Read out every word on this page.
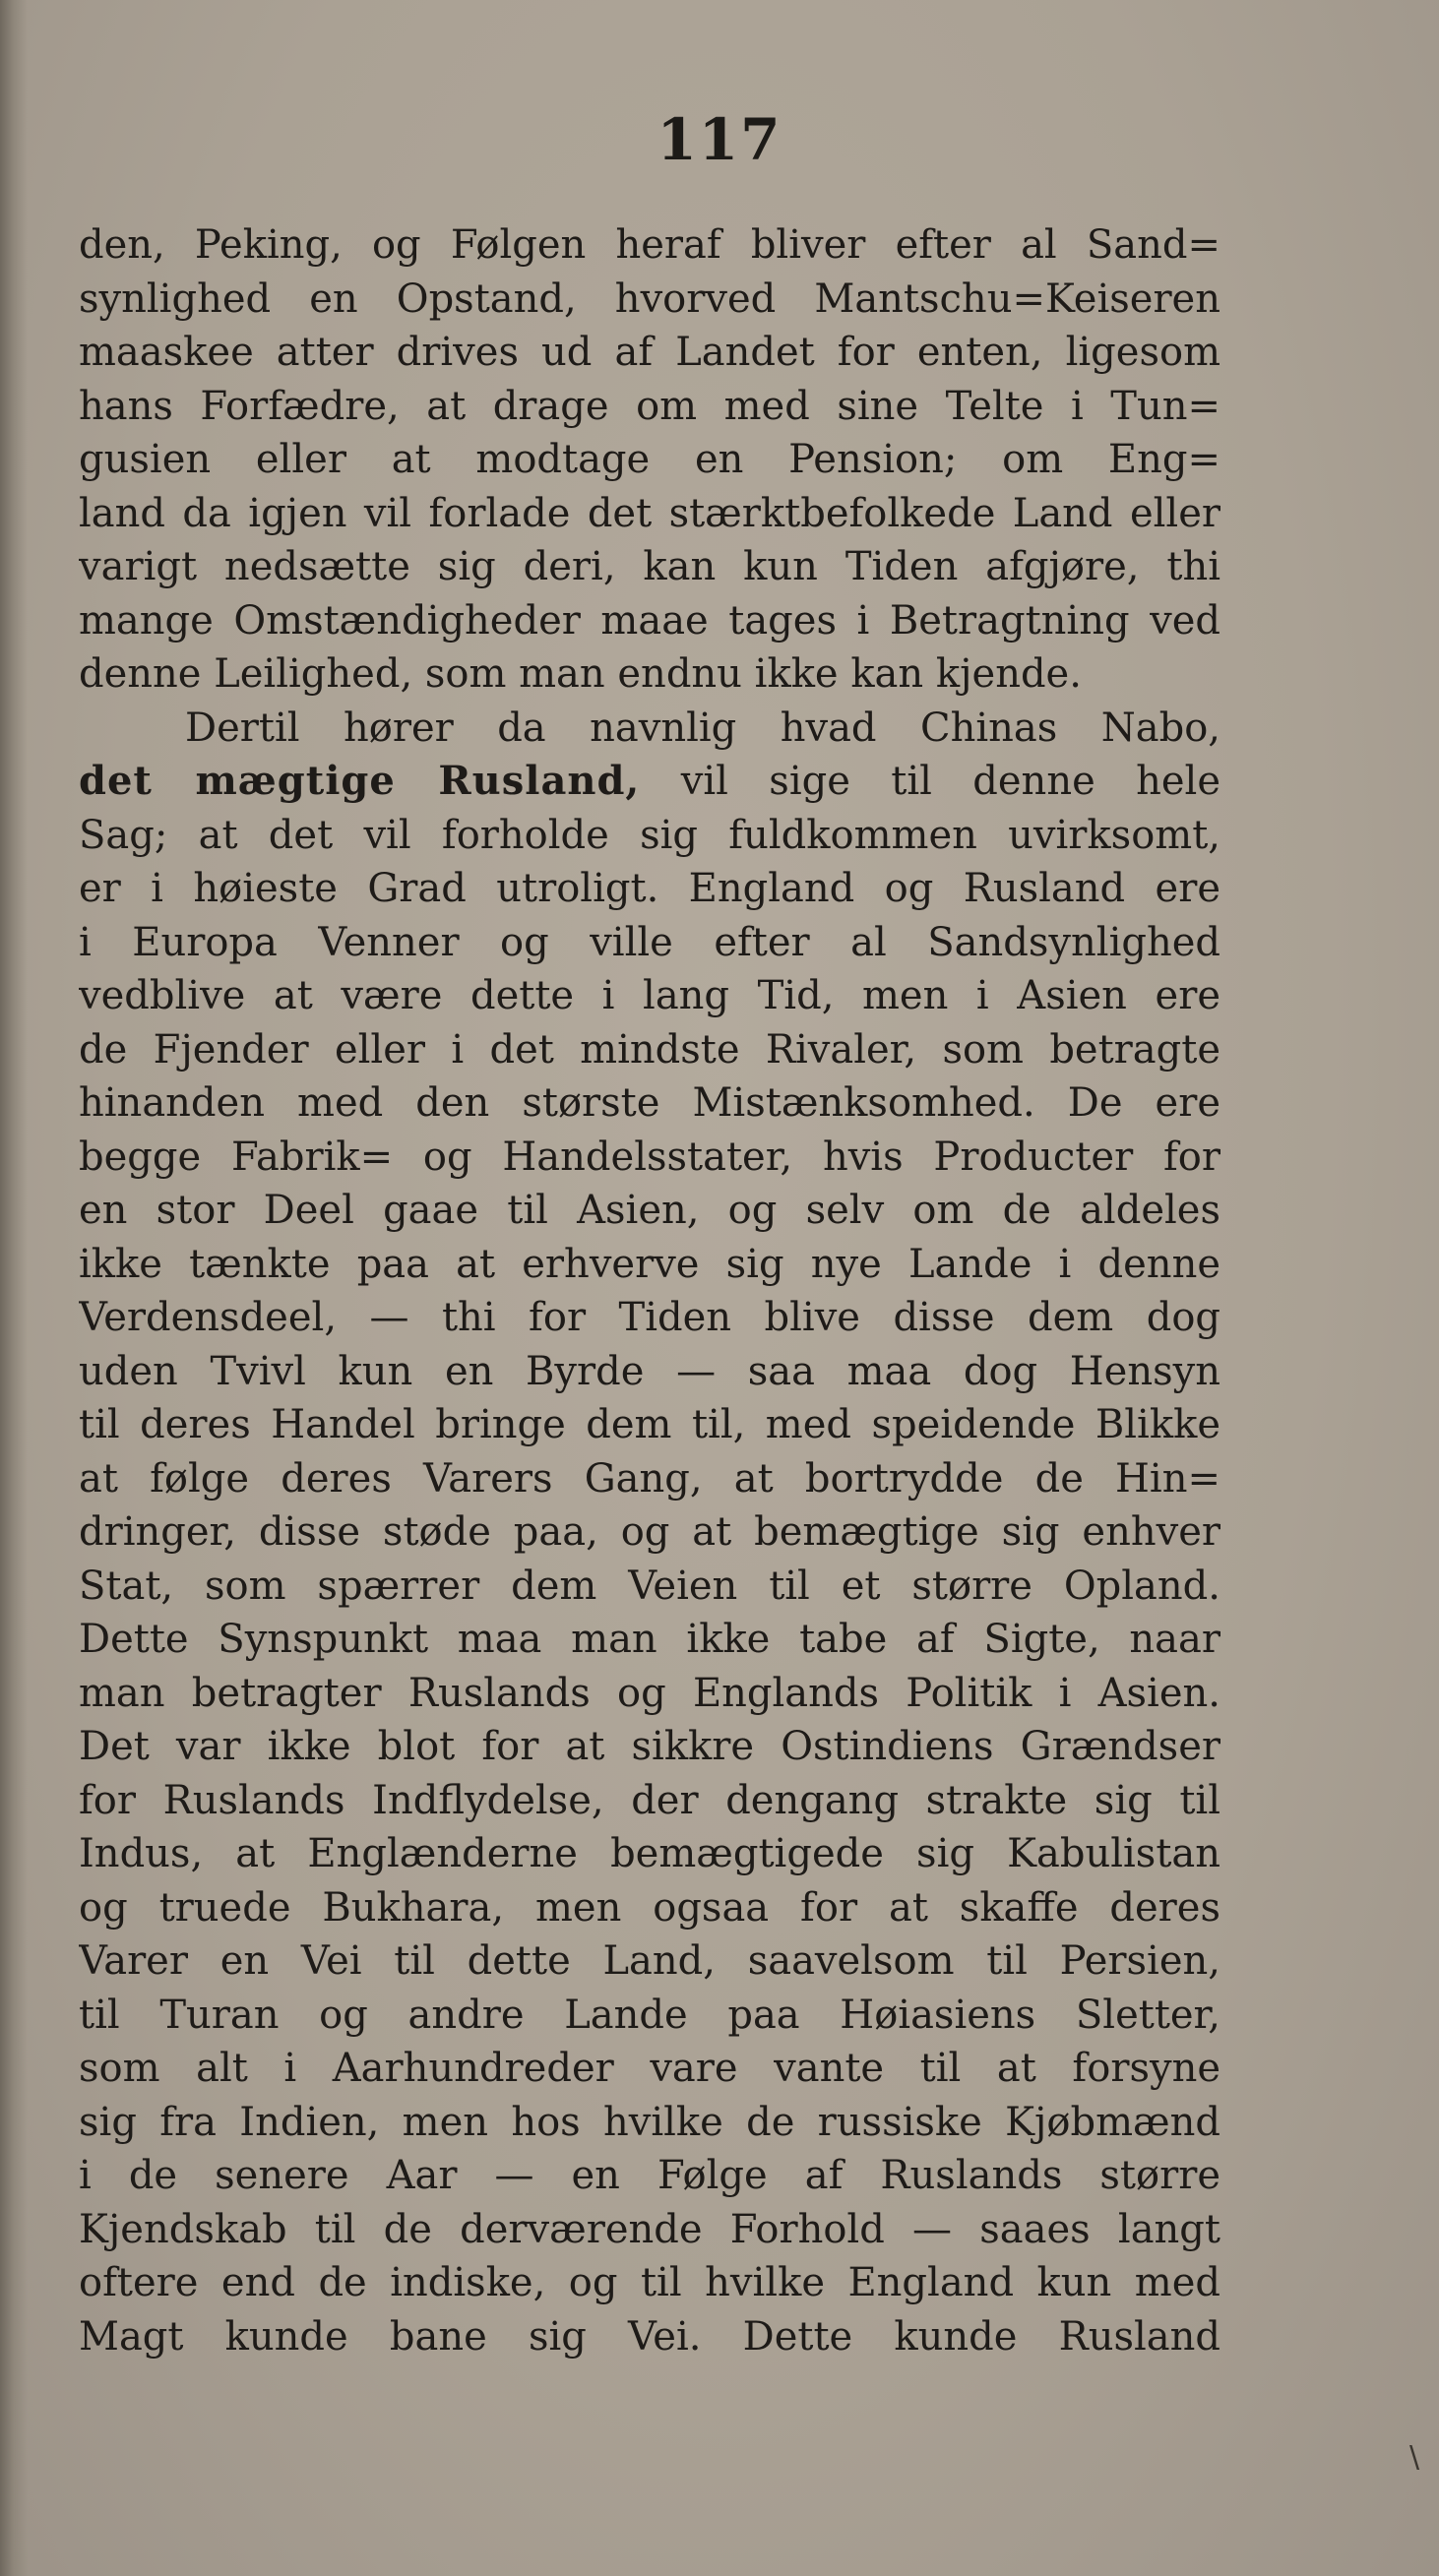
117
den, Peking, og Følgen heraf bliver efter al Sand=
synlighed en Opstand, hvorved Mantschu=Keiseren
maaskee atter drives ud af Landet for enten, ligesom
hans Forfædre, at drage om med sine Telte i Tun=
gusien eller at modtage en Pension; om Eng=
land da igjen vil forlade det stærktbefolkede Land eller
varigt nedsætte sig deri, kan kun Tiden afgjøre, thi
mange Omstændigheder maae tages i Betragtning ved
denne Leilighed, som man endnu ikke kan kjende.
Dertil hører da navnlig hvad Chinas Nabo,
det mægtige Rusland, vil sige til denne hele
Sag; at det vil forholde sig fuldkommen uvirksomt,
er i høieste Grad utroligt. England og Rusland ere
i Europa Venner og ville efter al Sandsynlighed
vedblive at være dette i lang Tid, men i Asien ere
de Fjender eller i det mindste Rivaler, som betragte
hinanden med den største Mistænksomhed. De ere
begge Fabrik= og Handelsstater, hvis Producter for
en stor Deel gaae til Asien, og selv om de aldeles
ikke tænkte paa at erhverve sig nye Lande i denne
Verdensdeel, — thi for Tiden blive disse dem dog
uden Tvivl kun en Byrde — saa maa dog Hensyn
til deres Handel bringe dem til, med speidende Blikke
at følge deres Varers Gang, at bortrydde de Hin=
dringer, disse støde paa, og at bemægtige sig enhver
Stat, som spærrer dem Veien til et større Opland.
Dette Synspunkt maa man ikke tabe af Sigte, naar
man betragter Ruslands og Englands Politik i Asien.
Det var ikke blot for at sikkre Ostindiens Grændser
for Ruslands Indflydelse, der dengang strakte sig til
Indus, at Englænderne bemægtigede sig Kabulistan
og truede Bukhara, men ogsaa for at skaffe deres
Varer en Vei til dette Land, saavelsom til Persien,
til Turan og andre Lande paa Høiasiens Sletter,
som alt i Aarhundreder vare vante til at forsyne
sig fra Indien, men hos hvilke de russiske Kjøbmænd
i de senere Aar — en Følge af Ruslands større
Kjendskab til de derværende Forhold — saaes langt
oftere end de indiske, og til hvilke England kun med
Magt kunde bane sig Vei. Dette kunde Rusland
\
